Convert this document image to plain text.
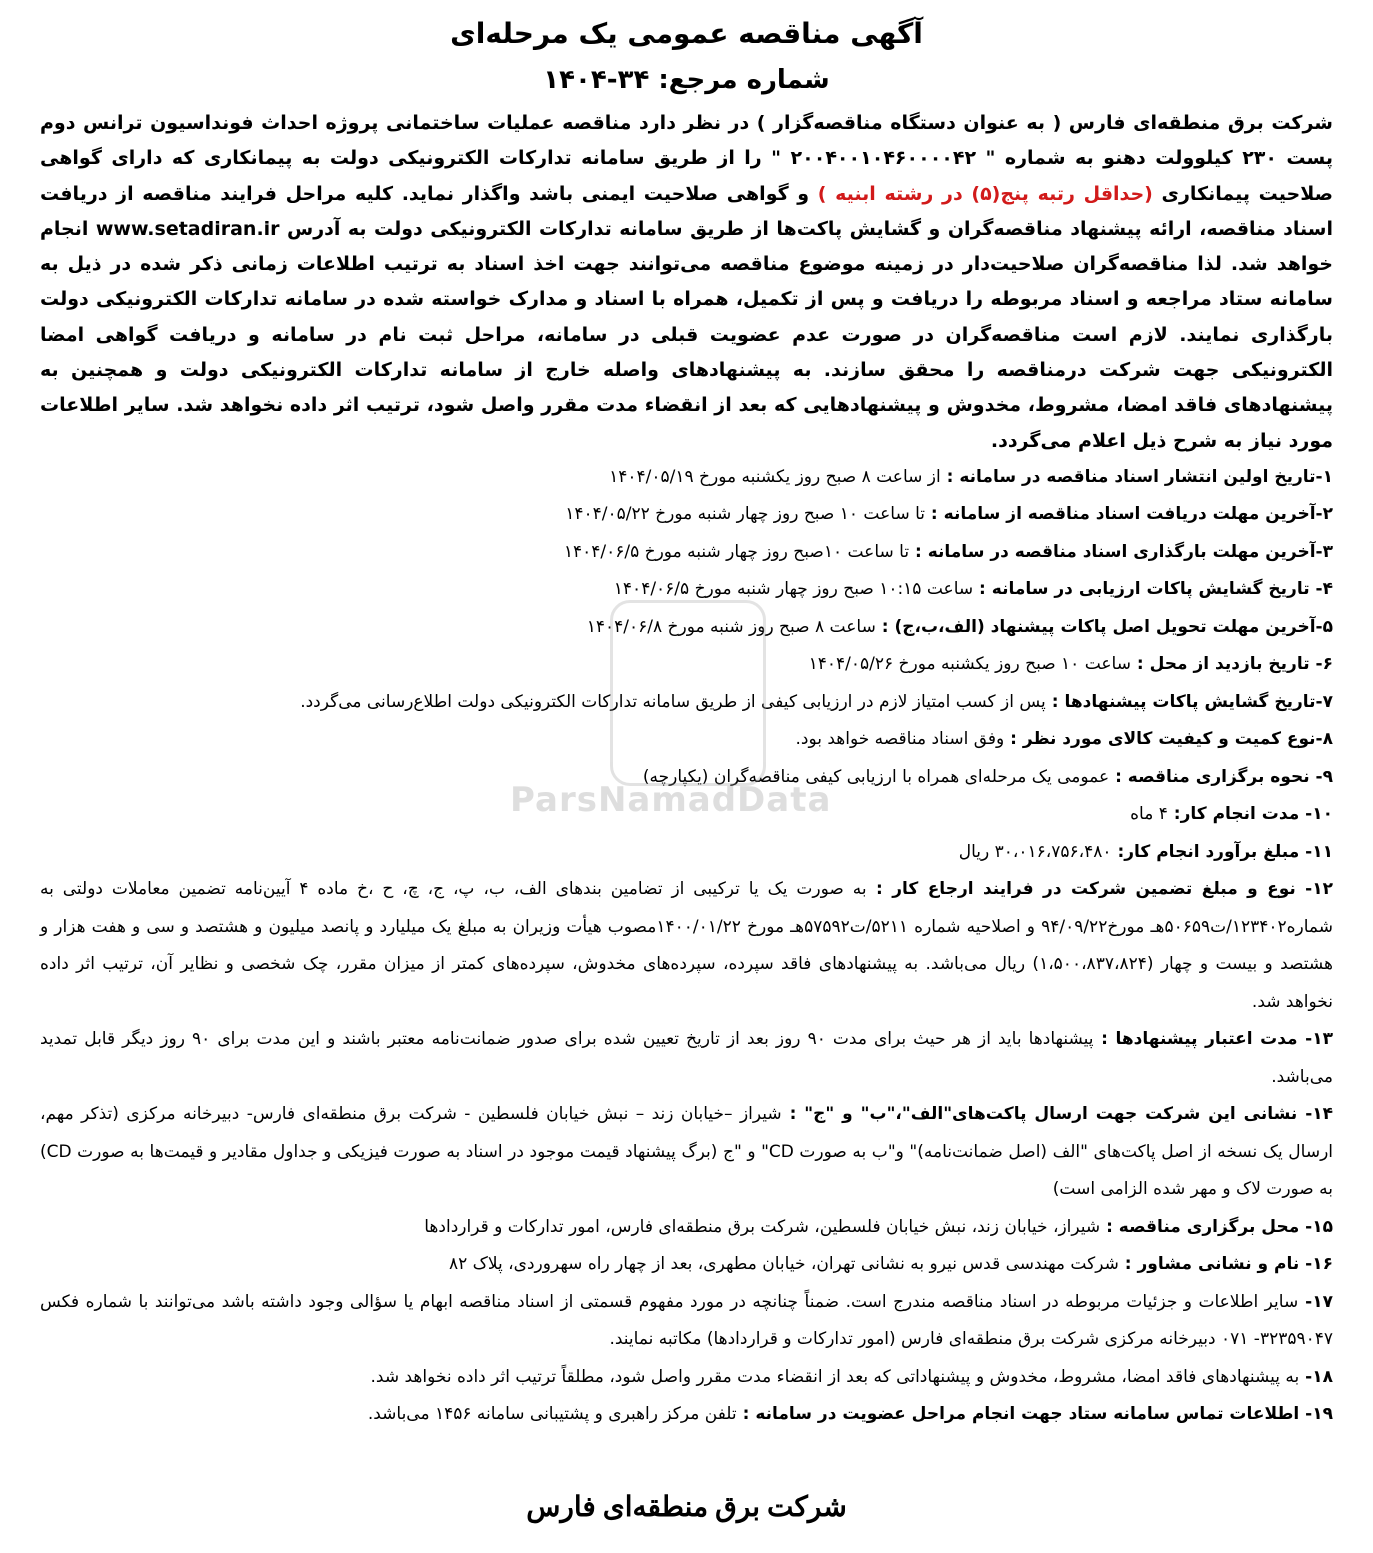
آگهی مناقصه عمومی یک مرحله‌ای
شماره مرجع: ۳۴-۱۴۰۴

شرکت برق منطقه‌ای فارس ( به عنوان دستگاه مناقصه‌گزار ) در نظر دارد مناقصه عملیات ساختمانی پروژه احداث فونداسیون ترانس دوم پست ۲۳۰ کیلوولت دهنو به شماره " ۲۰۰۴۰۰۱۰۴۶۰۰۰۰۴۲ " را از طریق سامانه تدارکات الکترونیکی دولت به پیمانکاری که دارای گواهی صلاحیت پیمانکاری (حداقل رتبه پنج(۵) در رشته ابنیه ) و گواهی صلاحیت ایمنی باشد واگذار نماید. کلیه مراحل فرایند مناقصه از دریافت اسناد مناقصه، ارائه پیشنهاد مناقصه‌گران و گشایش پاکت‌ها از طریق سامانه تدارکات الکترونیکی دولت به آدرس www.setadiran.ir انجام خواهد شد. لذا مناقصه‌گران صلاحیت‌دار در زمینه موضوع مناقصه می‌توانند جهت اخذ اسناد به ترتیب اطلاعات زمانی ذکر شده در ذیل به سامانه ستاد مراجعه و اسناد مربوطه را دریافت و پس از تکمیل، همراه با اسناد و مدارک خواسته شده در سامانه تدارکات الکترونیکی دولت بارگذاری نمایند. لازم است مناقصه‌گران در صورت عدم عضویت قبلی در سامانه، مراحل ثبت نام در سامانه و دریافت گواهی امضا الکترونیکی جهت شرکت درمناقصه را محقق سازند. به پیشنهادهای واصله خارج از سامانه تدارکات الکترونیکی دولت و همچنین به پیشنهادهای فاقد امضا، مشروط، مخدوش و پیشنهادهایی که بعد از انقضاء مدت مقرر واصل شود، ترتیب اثر داده نخواهد شد. سایر اطلاعات مورد نیاز به شرح ذیل اعلام می‌گردد.

۱-تاریخ اولین انتشار اسناد مناقصه در سامانه : از ساعت ۸ صبح روز یکشنبه مورخ ۱۴۰۴/۰۵/۱۹

۲-آخرین مهلت دریافت اسناد مناقصه از سامانه : تا ساعت ۱۰ صبح روز چهار شنبه مورخ ۱۴۰۴/۰۵/۲۲

۳-آخرین مهلت بارگذاری اسناد مناقصه در سامانه : تا ساعت ۱۰صبح روز چهار شنبه مورخ ۱۴۰۴/۰۶/۵

۴- تاریخ گشایش پاکات ارزیابی در سامانه : ساعت ۱۰:۱۵ صبح روز چهار شنبه مورخ ۱۴۰۴/۰۶/۵

۵-آخرین مهلت تحویل اصل پاکات پیشنهاد (الف،ب،ج) : ساعت ۸ صبح روز شنبه مورخ ۱۴۰۴/۰۶/۸

۶- تاریخ بازدید از محل : ساعت ۱۰ صبح روز یکشنبه مورخ ۱۴۰۴/۰۵/۲۶

۷-تاریخ گشایش پاکات پیشنهادها : پس از کسب امتیاز لازم در ارزیابی کیفی از طریق سامانه تدارکات الکترونیکی دولت اطلاع‌رسانی می‌گردد.

۸-نوع کمیت و کیفیت کالای مورد نظر : وفق اسناد مناقصه خواهد بود.

۹- نحوه برگزاری مناقصه : عمومی یک مرحله‌ای همراه با ارزیابی کیفی مناقصه‌گران (یکپارچه)

۱۰- مدت انجام کار: ۴ ماه

۱۱- مبلغ برآورد انجام کار: ۳۰،۰۱۶،۷۵۶،۴۸۰ ریال

۱۲- نوع و مبلغ تضمین شرکت در فرایند ارجاع کار : به صورت یک یا ترکیبی از تضامین بندهای الف، ب، پ، ج، چ، ح ،خ ماده ۴ آیین‌نامه تضمین معاملات دولتی به شماره۱۲۳۴۰۲/ت۵۰۶۵۹هـ مورخ۹۴/۰۹/۲۲ و اصلاحیه شماره ۵۲۱۱/ت۵۷۵۹۲هـ مورخ ۱۴۰۰/۰۱/۲۲مصوب هیأت وزیران به مبلغ یک میلیارد و پانصد میلیون و هشتصد و سی و هفت هزار و هشتصد و بیست و چهار (۱،۵۰۰،۸۳۷،۸۲۴) ریال می‌باشد. به پیشنهادهای فاقد سپرده، سپرده‌های مخدوش، سپرده‌های کمتر از میزان مقرر، چک شخصی و نظایر آن، ترتیب اثر داده نخواهد شد.

۱۳- مدت اعتبار پیشنهادها : پیشنهادها باید از هر حیث برای مدت ۹۰ روز بعد از تاریخ تعیین شده برای صدور ضمانت‌نامه معتبر باشند و این مدت برای ۹۰ روز دیگر قابل تمدید می‌باشد.

۱۴- نشانی این شرکت جهت ارسال پاکت‌های"الف"،"ب" و "ج" : شیراز –خیابان زند – نبش خیابان فلسطین - شرکت برق منطقه‌ای فارس- دبیرخانه مرکزی (تذکر مهم، ارسال یک نسخه از اصل پاکت‌های "الف (اصل ضمانت‌نامه)" و"ب به صورت CD" و "ج (برگ پیشنهاد قیمت موجود در اسناد به صورت فیزیکی و جداول مقادیر و قیمت‌ها به صورت CD) به صورت لاک و مهر شده الزامی است)

۱۵- محل برگزاری مناقصه : شیراز، خیابان زند، نبش خیابان فلسطین، شرکت برق منطقه‌ای فارس، امور تدارکات و قراردادها

۱۶- نام و نشانی مشاور : شرکت مهندسی قدس نیرو به نشانی تهران، خیابان مطهری، بعد از چهار راه سهروردی، پلاک ۸۲

۱۷- سایر اطلاعات و جزئیات مربوطه در اسناد مناقصه مندرج است. ضمناً چنانچه در مورد مفهوم قسمتی از اسناد مناقصه ابهام یا سؤالی وجود داشته باشد می‌توانند با شماره فکس ۳۲۳۵۹۰۴۷- ۰۷۱ دبیرخانه مرکزی شرکت برق منطقه‌ای فارس (امور تدارکات و قراردادها) مکاتبه نمایند.

۱۸- به پیشنهادهای فاقد امضا، مشروط، مخدوش و پیشنهاداتی که بعد از انقضاء مدت مقرر واصل شود، مطلقاً ترتیب اثر داده نخواهد شد.

۱۹- اطلاعات تماس سامانه ستاد جهت انجام مراحل عضویت در سامانه : تلفن مرکز راهبری و پشتیبانی سامانه ۱۴۵۶ می‌باشد.

ParsNamadData
شرکت برق منطقه‌ای فارس
